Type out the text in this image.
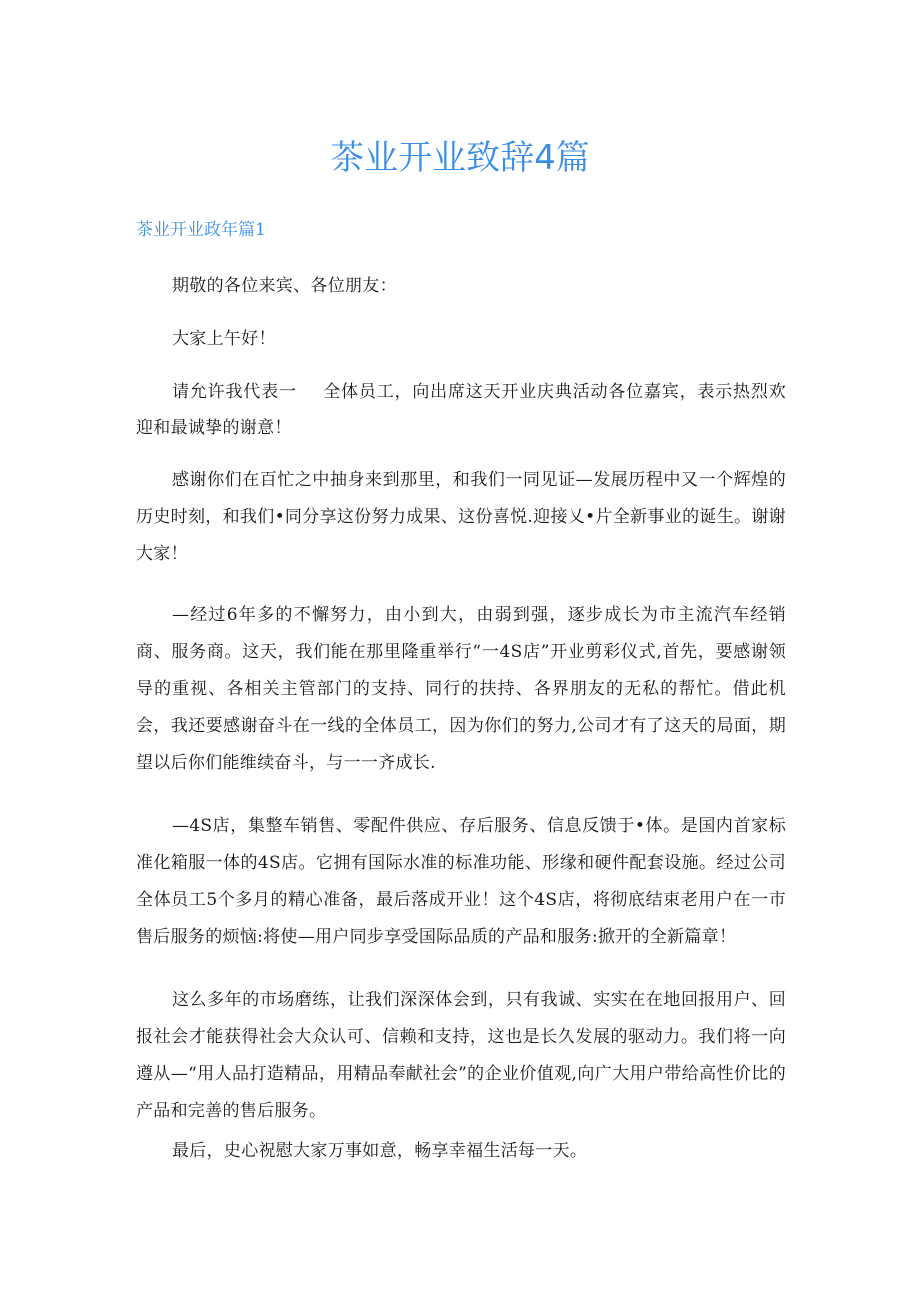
茶业开业致辞4篇
茶业开业政年篇1

期敬的各位来宾、各位朋友：

大家上午好！

请允许我代表一 全体员工，向出席这天开业庆典活动各位嘉宾，表示热烈欢迎和最诚挚的谢意！

感谢你们在百忙之中抽身来到那里，和我们一同见证—发展历程中又一个辉煌的历史时刻，和我们•同分享这份努力成果、这份喜悦.迎接乂•片全新事业的诞生。谢谢大家！

—经过6年多的不懈努力，由小到大，由弱到强，逐步成长为市主流汽车经销商、服务商。这天，我们能在那里隆重举行“一4S店”开业剪彩仪式,首先，要感谢领导的重视、各相关主管部门的支持、同行的扶持、各界朋友的无私的帮忙。借此机会，我还要感谢奋斗在一线的全体员工，因为你们的努力,公司才有了这天的局面，期望以后你们能维续奋斗，与一一齐成长.

—4S店，集整车销售、零配件供应、存后服务、信息反馈于•体。是国内首家标准化箱服一体的4S店。它拥有国际水准的标准功能、形缘和硬件配套设施。经过公司全体员工5个多月的精心准备，最后落成开业！这个4S店，将彻底结束老用户在一市售后服务的烦恼:将使—用户同步享受国际品质的产品和服务:掀开的全新篇章！

这么多年的市场磨练，让我们深深体会到，只有我诚、实实在在地回报用户、回报社会才能获得社会大众认可、信赖和支持，这也是长久发展的驱动力。我们将一向遵从—“用人品打造精品，用精品奉献社会”的企业价值观,向广大用户带给高性价比的产品和完善的售后服务。

最后，史心祝慰大家万事如意，畅享幸福生活每一天。
